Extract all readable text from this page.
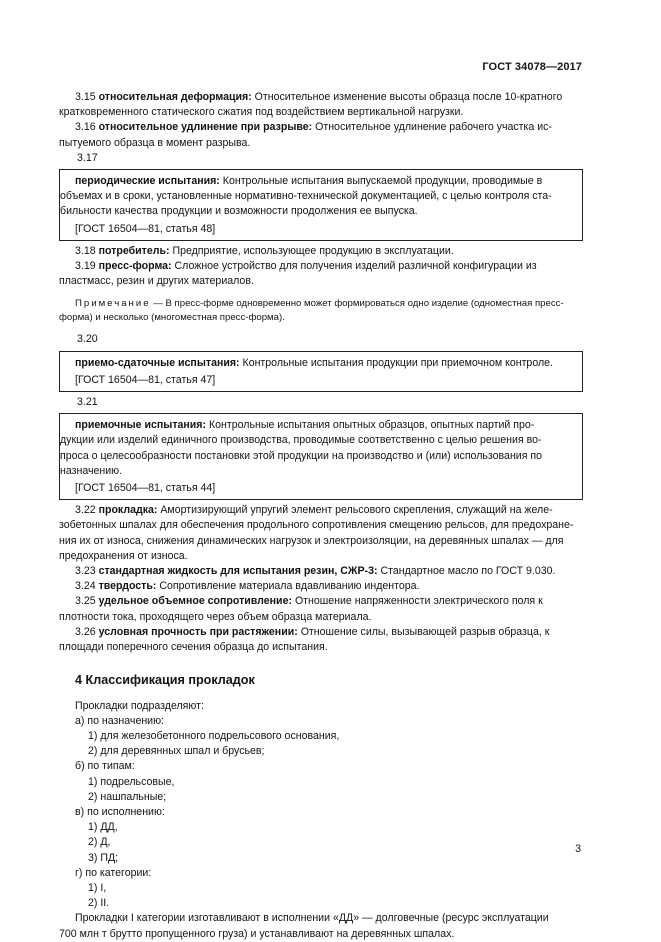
ГОСТ 34078—2017
3.15 относительная деформация: Относительное изменение высоты образца после 10-кратного
кратковременного статического сжатия под воздействием вертикальной нагрузки.
3.16 относительное удлинение при разрыве: Относительное удлинение рабочего участка ис-
пытуемого образца в момент разрыва.
3.17
периодические испытания: Контрольные испытания выпускаемой продукции, проводимые в
объемах и в сроки, установленные нормативно-технической документацией, с целью контроля ста-
бильности качества продукции и возможности продолжения ее выпуска.
[ГОСТ 16504—81, статья 48]
3.18 потребитель: Предприятие, использующее продукцию в эксплуатации.
3.19 пресс-форма: Сложное устройство для получения изделий различной конфигурации из
пластмасс, резин и других материалов.
Примечание — В пресс-форме одновременно может формироваться одно изделие (одноместная пресс-
форма) и несколько (многоместная пресс-форма).
3.20
приемо-сдаточные испытания: Контрольные испытания продукции при приемочном контроле.
[ГОСТ 16504—81, статья 47]
3.21
приемочные испытания: Контрольные испытания опытных образцов, опытных партий про-
дукции или изделий единичного производства, проводимые соответственно с целью решения во-
проса о целесообразности постановки этой продукции на производство и (или) использования по
назначению.
[ГОСТ 16504—81, статья 44]
3.22 прокладка: Амортизирующий упругий элемент рельсового скрепления, служащий на желе-
зобетонных шпалах для обеспечения продольного сопротивления смещению рельсов, для предохране-
ния их от износа, снижения динамических нагрузок и электроизоляции, на деревянных шпалах — для
предохранения от износа.
3.23 стандартная жидкость для испытания резин, СЖР-3: Стандартное масло по ГОСТ 9.030.
3.24 твердость: Сопротивление материала вдавливанию индентора.
3.25 удельное объемное сопротивление: Отношение напряженности электрического поля к
плотности тока, проходящего через объем образца материала.
3.26 условная прочность при растяжении: Отношение силы, вызывающей разрыв образца, к
площади поперечного сечения образца до испытания.
4 Классификация прокладок
Прокладки подразделяют:
а) по назначению:
1) для железобетонного подрельсового основания,
2) для деревянных шпал и брусьев;
б) по типам:
1) подрельсовые,
2) нашпальные;
в) по исполнению:
1) ДД,
2) Д,
3) ПД;
г) по категории:
1) I,
2) II.
Прокладки I категории изготавливают в исполнении «ДД» — долговечные (ресурс эксплуатации
700 млн т брутто пропущенного груза) и устанавливают на деревянных шпалах.
3
